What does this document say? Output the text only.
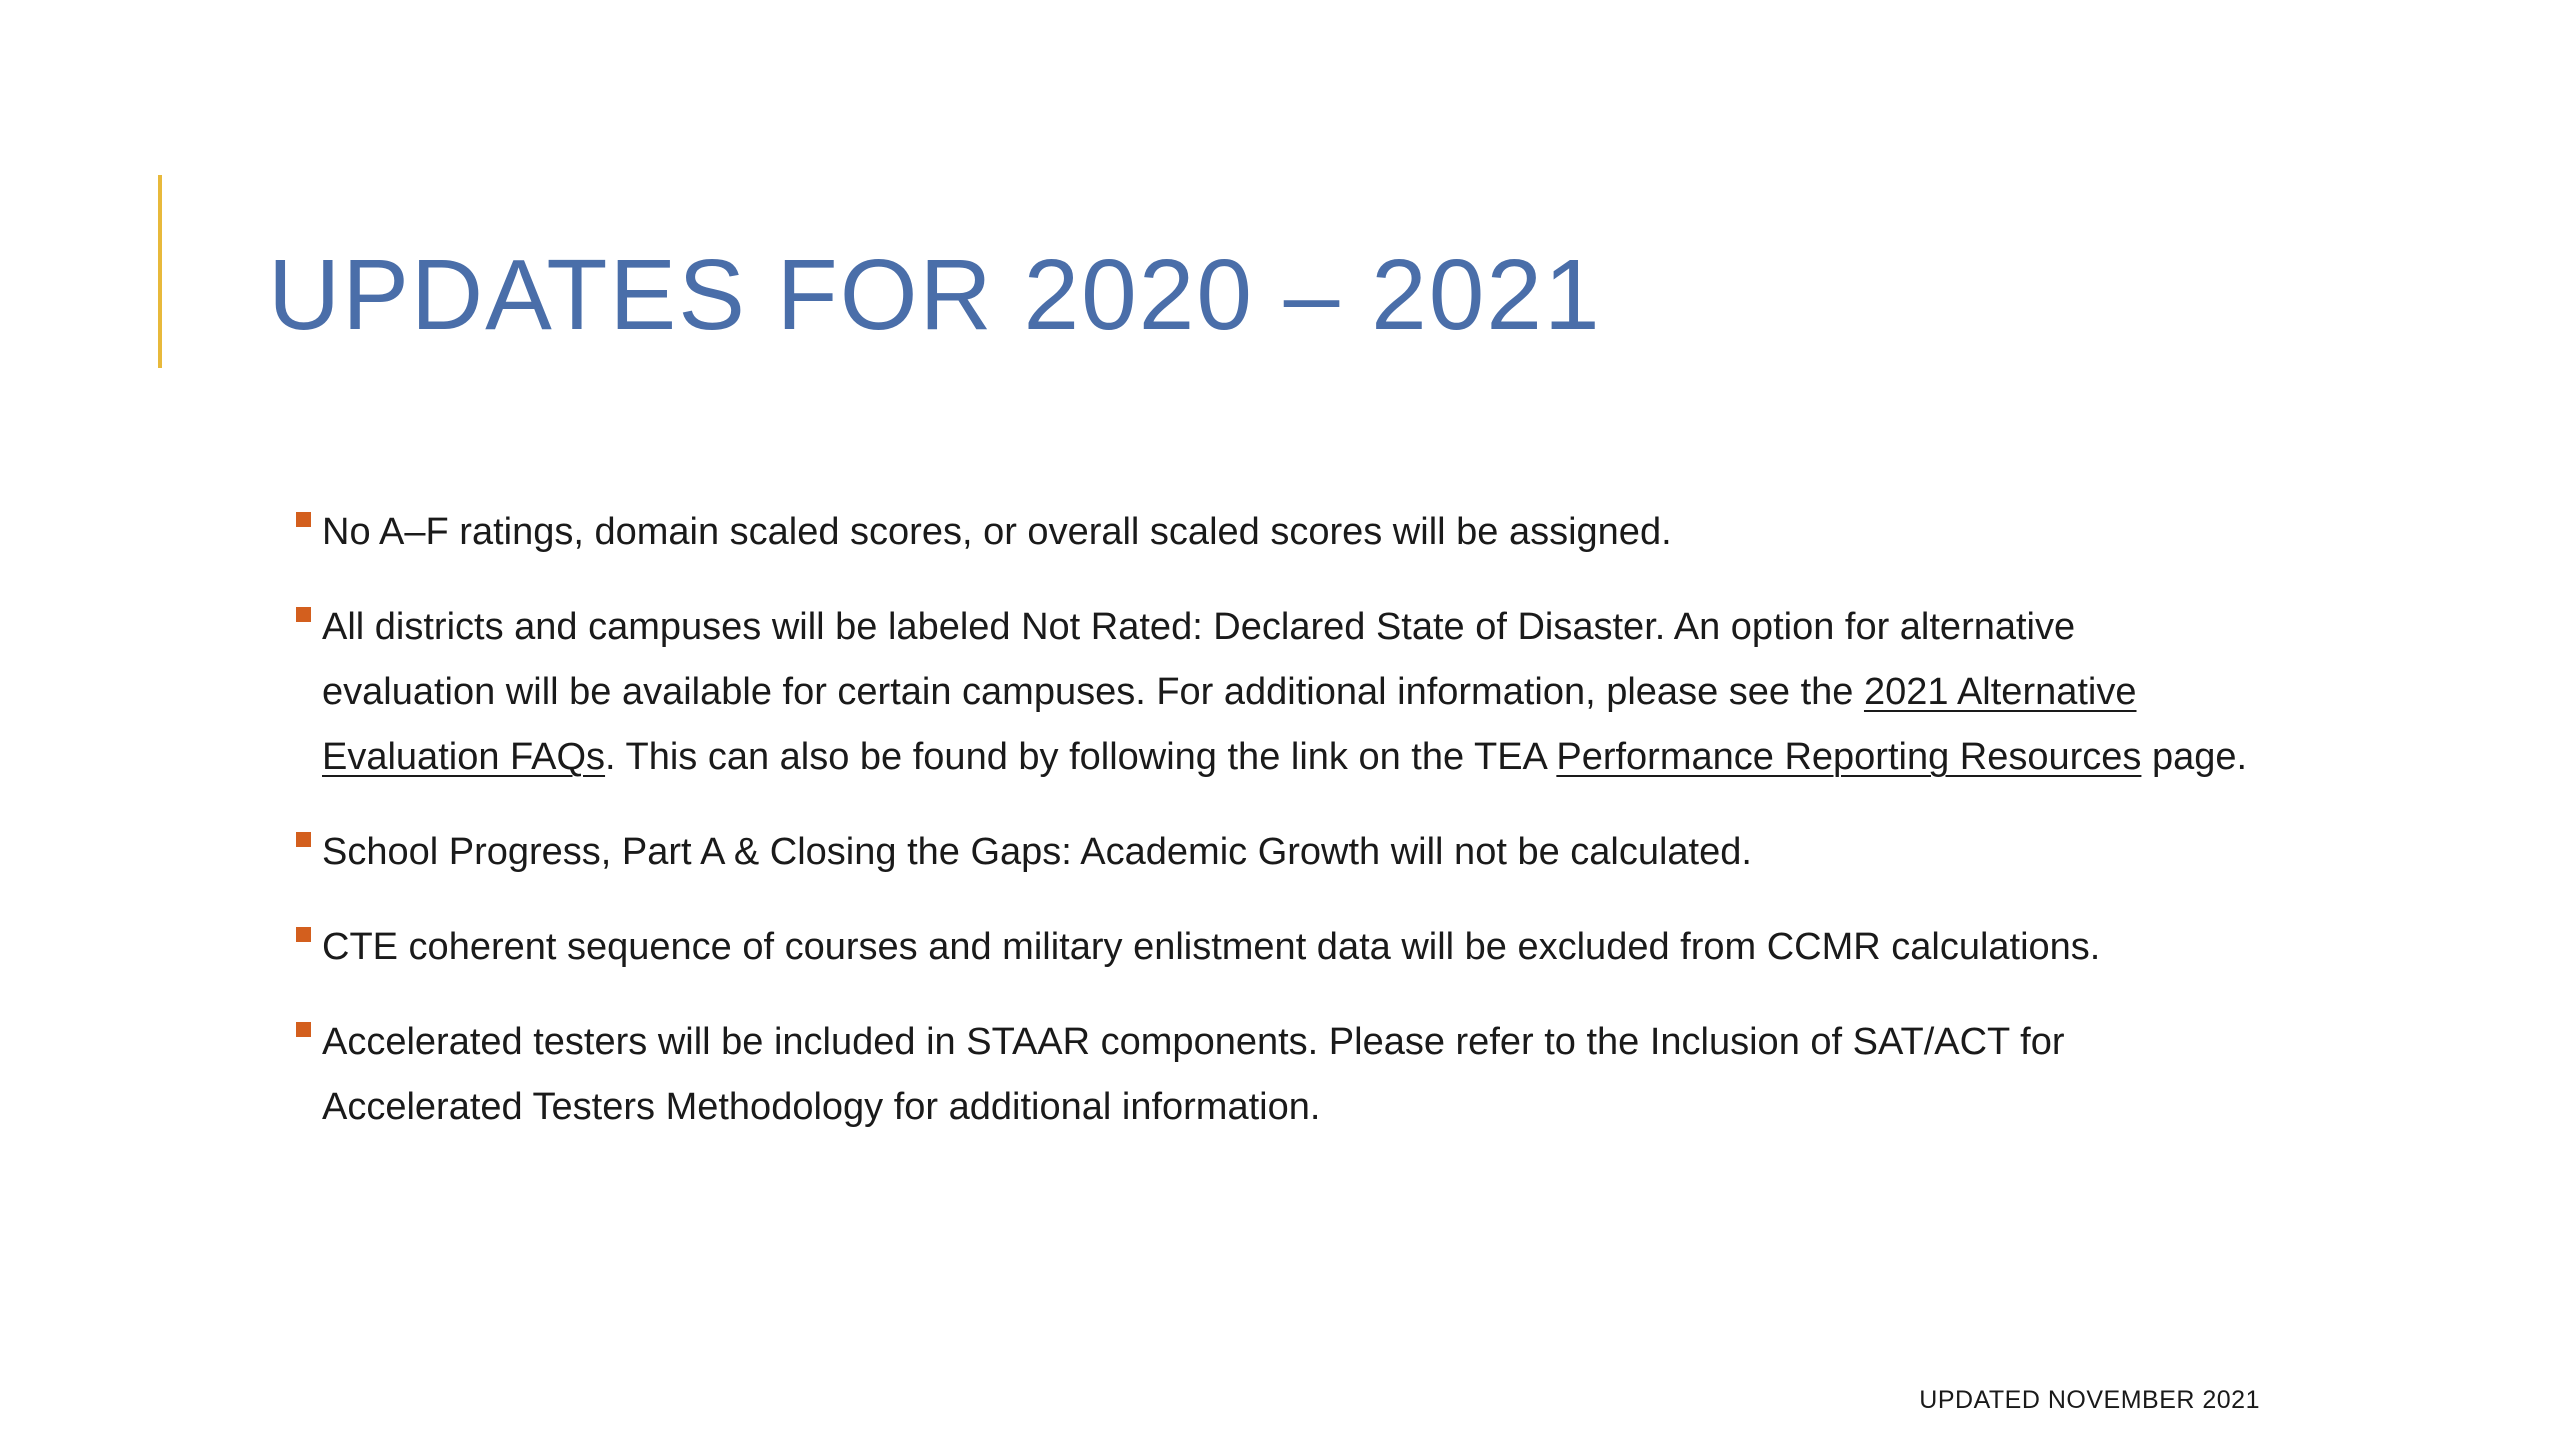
UPDATES FOR 2020 – 2021
No A–F ratings, domain scaled scores, or overall scaled scores will be assigned.
All districts and campuses will be labeled Not Rated: Declared State of Disaster. An option for alternative evaluation will be available for certain campuses. For additional information, please see the 2021 Alternative Evaluation FAQs. This can also be found by following the link on the TEA Performance Reporting Resources page.
School Progress, Part A & Closing the Gaps: Academic Growth will not be calculated.
CTE coherent sequence of courses and military enlistment data will be excluded from CCMR calculations.
Accelerated testers will be included in STAAR components. Please refer to the Inclusion of SAT/ACT for Accelerated Testers Methodology for additional information.
UPDATED NOVEMBER 2021
